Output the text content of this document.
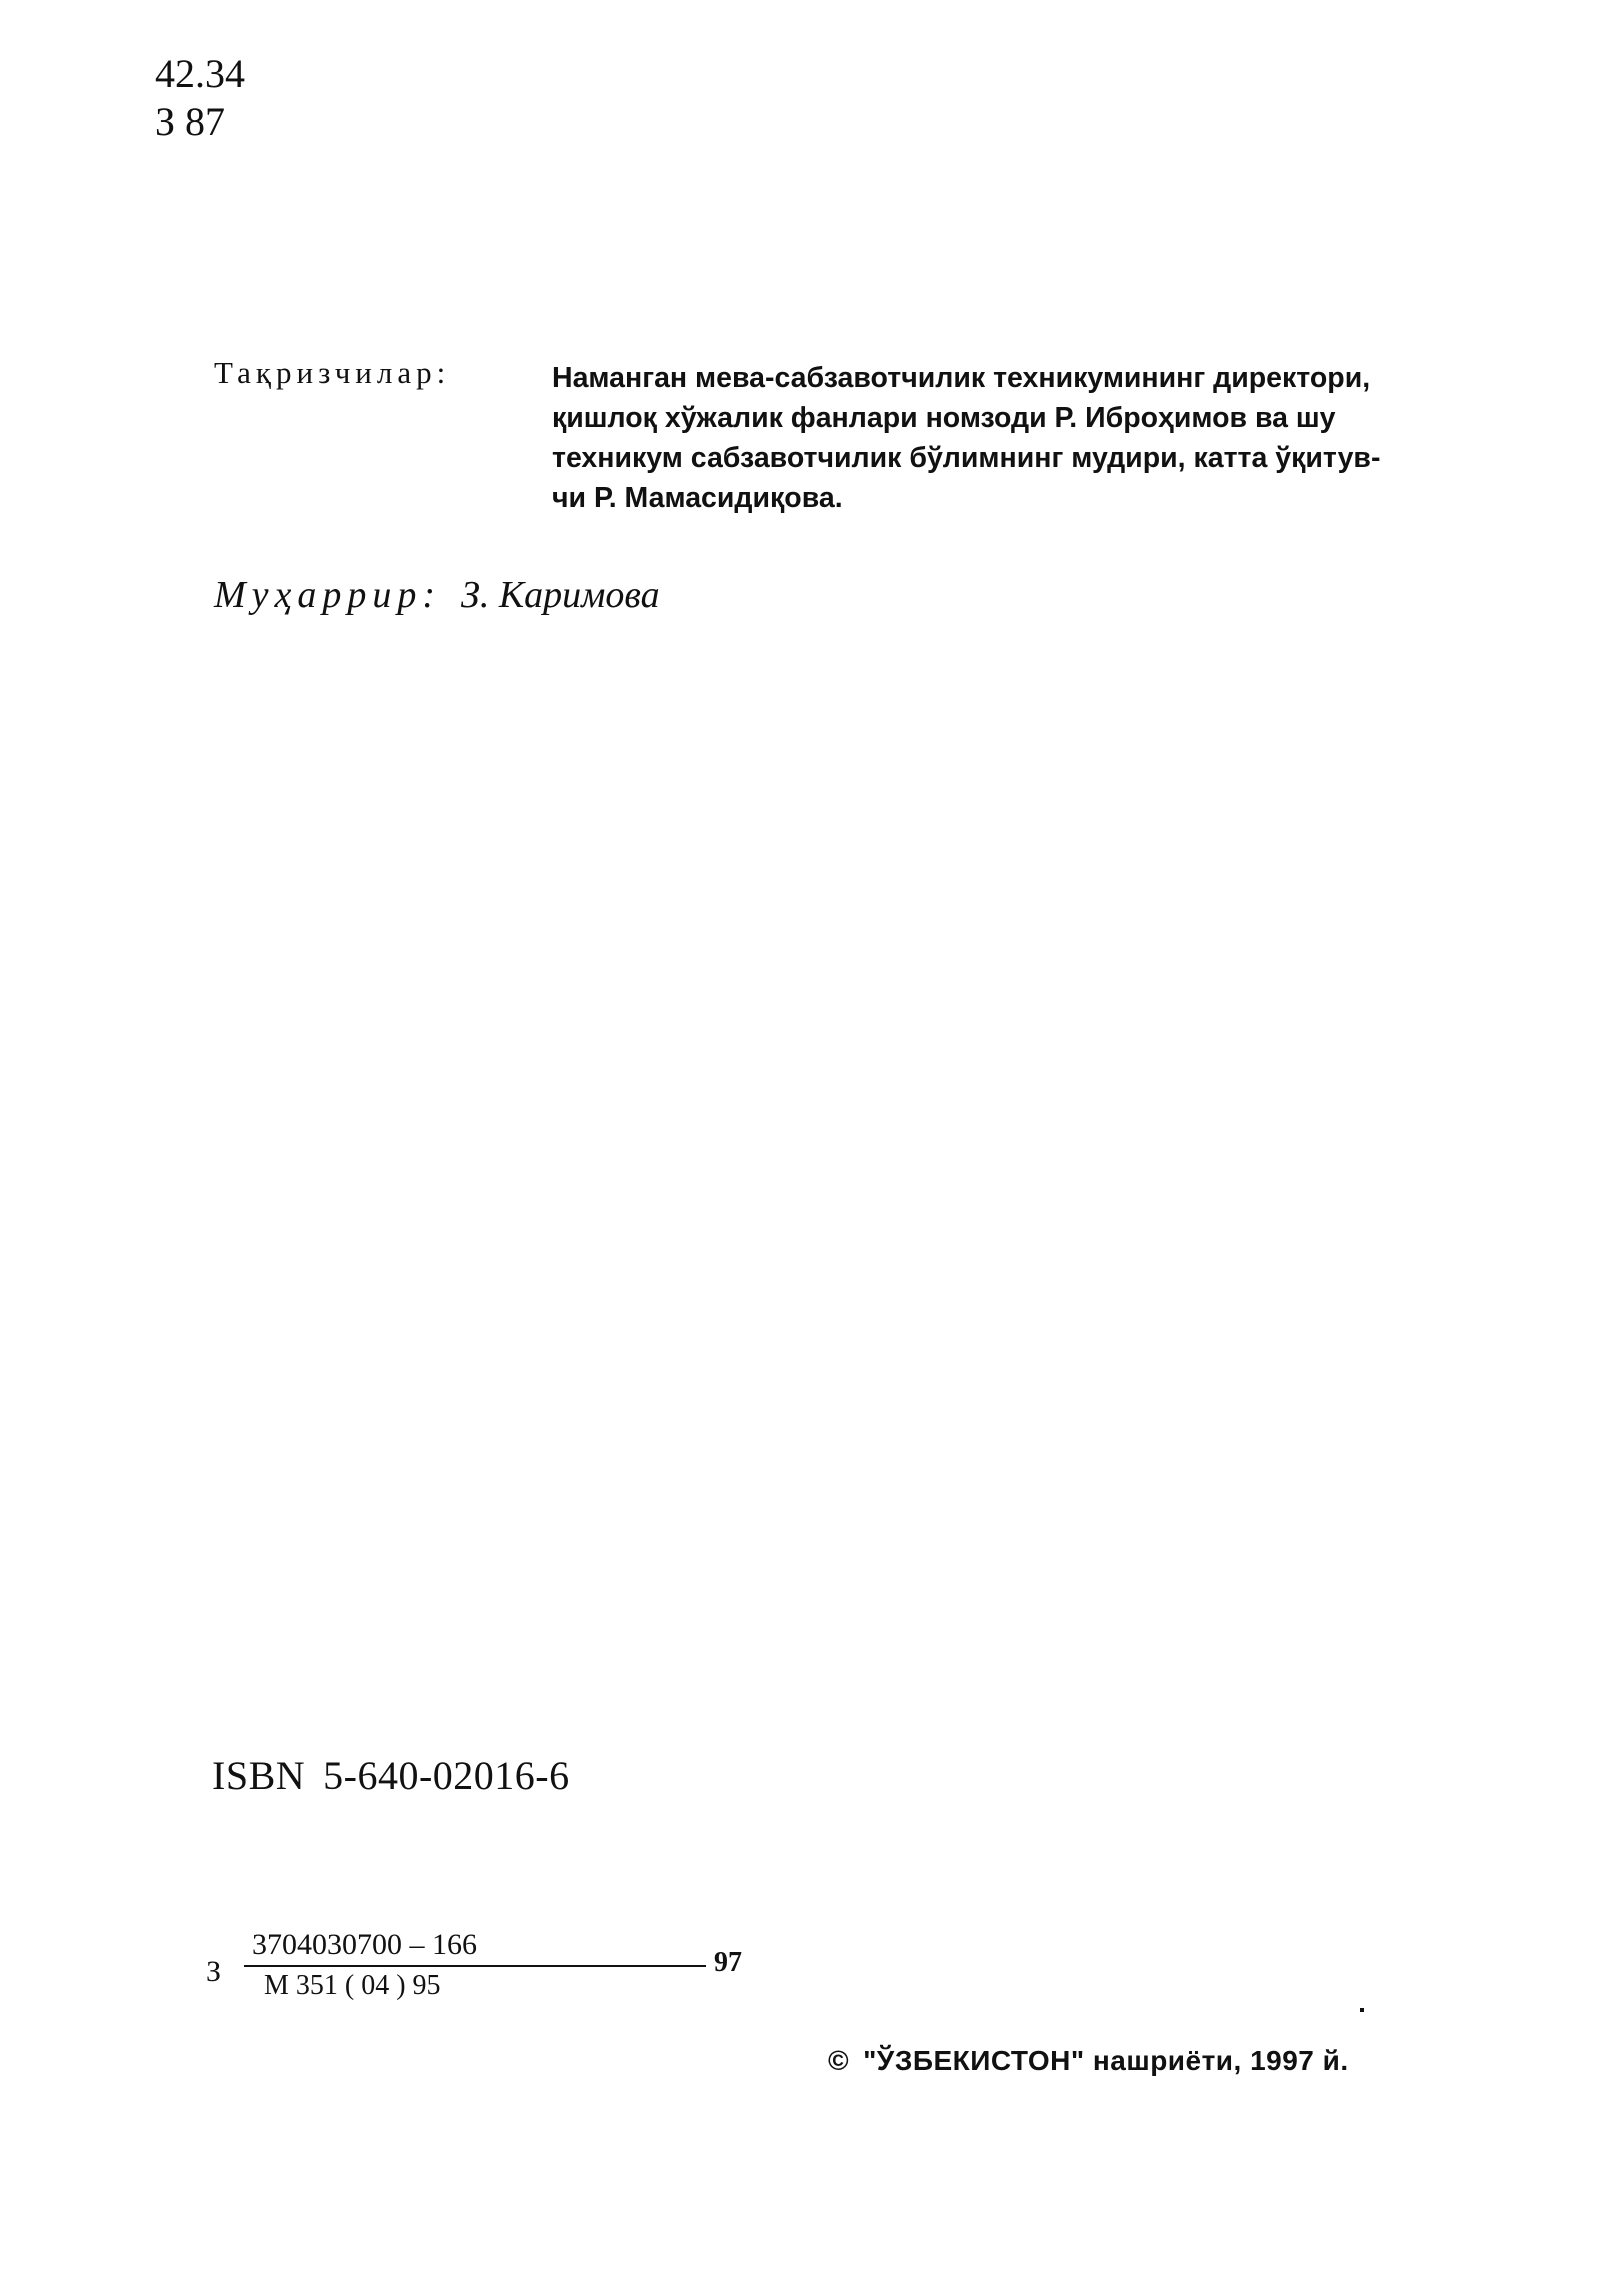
42.34
З 87
Тақризчилар:	Наманган мева-сабзавотчилик техникумининг директори,
қишлоқ хўжалик фанлари номзоди Р. Иброҳимов ва шу
техникум сабзавотчилик бўлимнинг мудири, катта ўқитув-
чи Р. Мамасидиқова.
Муҳаррир: З. Каримова
ISBN 5-640-02016-6
З
3704030700 – 166
М 351 ( 04 ) 95
97
© "ЎЗБЕКИСТОН" нашриёти, 1997 й.
